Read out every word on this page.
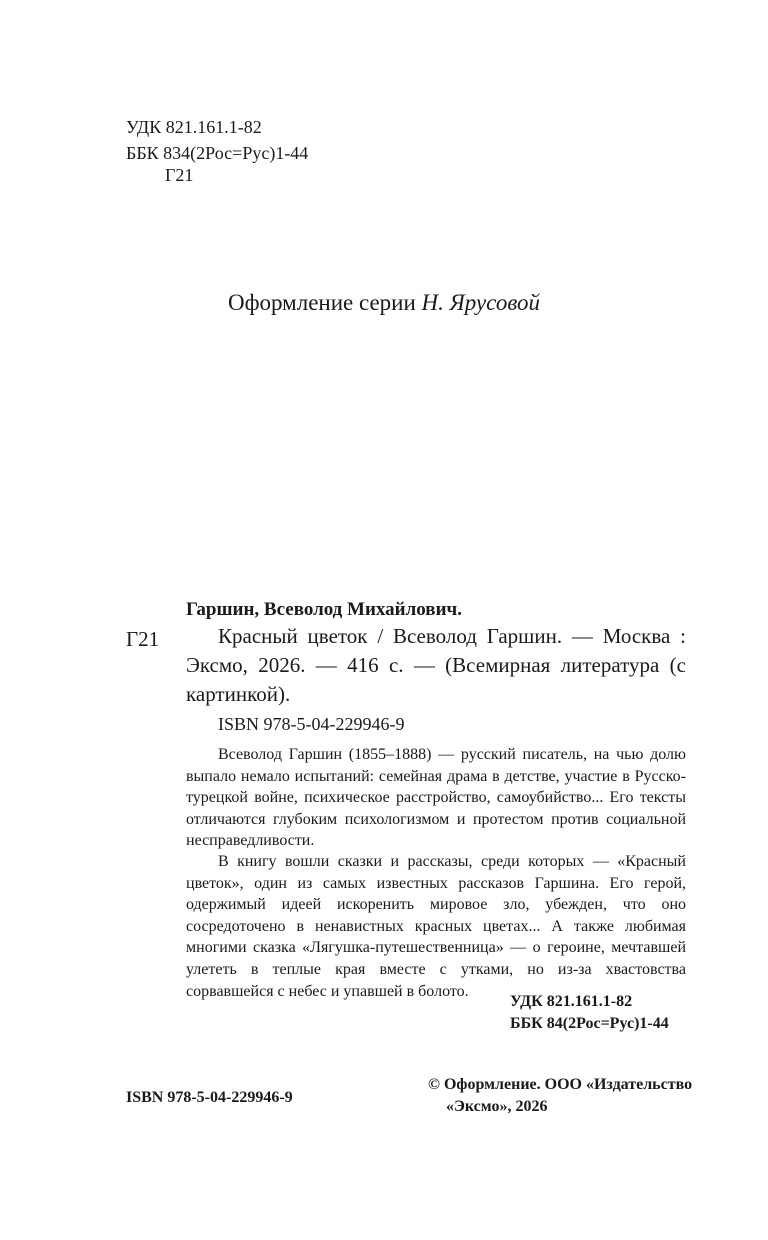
УДК 821.161.1-82
ББК 834(2Рос=Рус)1-44
Г21
Оформление серии Н. Ярусовой
Гаршин, Всеволод Михайлович.
Г21	Красный цветок / Всеволод Гаршин. — Москва : Эксмо, 2026. — 416 с. — (Всемирная литература (с картинкой).
ISBN 978-5-04-229946-9

Всеволод Гаршин (1855–1888) — русский писатель, на чью долю выпало немало испытаний: семейная драма в детстве, участие в Русско-турецкой войне, психическое расстройство, самоубийство... Его тексты отличаются глубоким психологизмом и протестом против социальной несправедливости.

В книгу вошли сказки и рассказы, среди которых — «Красный цветок», один из самых известных рассказов Гаршина. Его герой, одержимый идеей искоренить мировое зло, убежден, что оно сосредоточено в ненавистных красных цветах... А также любимая многими сказка «Лягушка-путешественница» — о героине, мечтавшей улететь в теплые края вместе с утками, но из-за хвастовства сорвавшейся с небес и упавшей в болото.

УДК 821.161.1-82
ББК 84(2Рос=Рус)1-44
ISBN 978-5-04-229946-9
© Оформление. ООО «Издательство
«Эксмо», 2026
